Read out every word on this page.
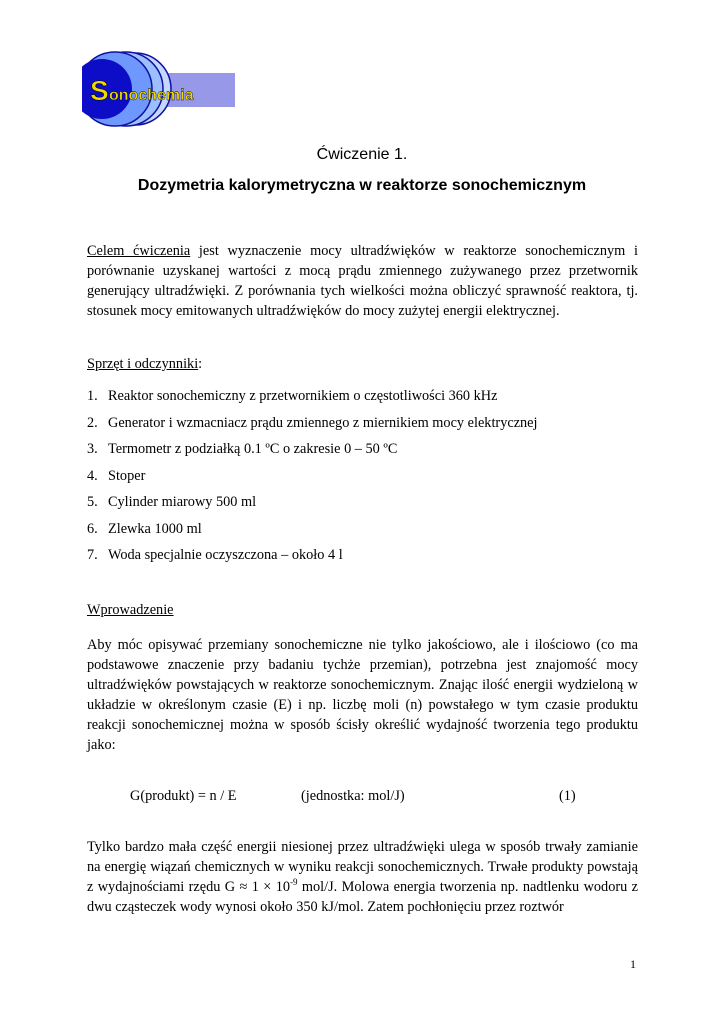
S onochemia
Ćwiczenie 1.
Dozymetria kalorymetryczna w reaktorze sonochemicznym

Celem ćwiczenia jest wyznaczenie mocy ultradźwięków w reaktorze sonochemicznym i porównanie uzyskanej wartości z mocą prądu zmiennego zużywanego przez przetwornik generujący ultradźwięki. Z porównania tych wielkości można obliczyć sprawność reaktora, tj. stosunek mocy emitowanych ultradźwięków do mocy zużytej energii elektrycznej.

Sprzęt i odczynniki:

1. Reaktor sonochemiczny z przetwornikiem o częstotliwości 360 kHz
2. Generator i wzmacniacz prądu zmiennego z miernikiem mocy elektrycznej
3. Termometr z podziałką 0.1 ºC o zakresie 0 – 50 ºC
4. Stoper
5. Cylinder miarowy 500 ml
6. Zlewka 1000 ml
7. Woda specjalnie oczyszczona – około 4 l

Wprowadzenie

Aby móc opisywać przemiany sonochemiczne nie tylko jakościowo, ale i ilościowo (co ma podstawowe znaczenie przy badaniu tychże przemian), potrzebna jest znajomość mocy ultradźwięków powstających w reaktorze sonochemicznym. Znając ilość energii wydzieloną w układzie w określonym czasie (E) i np. liczbę moli (n) powstałego w tym czasie produktu reakcji sonochemicznej można w sposób ścisły określić wydajność tworzenia tego produktu jako:

G(produkt) = n / E	(jednostka: mol/J)	(1)

Tylko bardzo mała część energii niesionej przez ultradźwięki ulega w sposób trwały zamianie na energię wiązań chemicznych w wyniku reakcji sonochemicznych. Trwałe produkty powstają z wydajnościami rzędu $G \approx 1 \times 10^{-9}$ mol/J. Molowa energia tworzenia np. nadtlenku wodoru z dwu cząsteczek wody wynosi około 350 kJ/mol. Zatem pochłonięciu przez roztwór

1
